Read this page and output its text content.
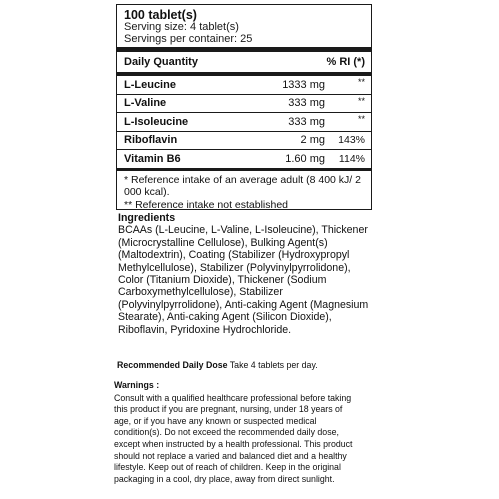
100 tablet(s)
Serving size: 4 tablet(s)
Servings per container: 25
Daily Quantity	% RI (*)
L-Leucine	1333 mg	**
L-Valine	333 mg	**
L-Isoleucine	333 mg	**
Riboflavin	2 mg	143%
Vitamin B6	1.60 mg	114%
* Reference intake of an average adult (8 400 kJ/ 2 000 kcal).
** Reference intake not established
Ingredients
BCAAs (L-Leucine, L-Valine, L-Isoleucine), Thickener
(Microcrystalline Cellulose), Bulking Agent(s)
(Maltodextrin), Coating (Stabilizer (Hydroxypropyl
Methylcellulose), Stabilizer (Polyvinylpyrrolidone),
Color (Titanium Dioxide), Thickener (Sodium
Carboxymethylcellulose), Stabilizer
(Polyvinylpyrrolidone), Anti-caking Agent (Magnesium
Stearate), Anti-caking Agent (Silicon Dioxide),
Riboflavin, Pyridoxine Hydrochloride.
Recommended Daily Dose Take 4 tablets per day.
Warnings :
Consult with a qualified healthcare professional before taking
this product if you are pregnant, nursing, under 18 years of
age, or if you have any known or suspected medical
condition(s). Do not exceed the recommended daily dose,
except when instructed by a health professional. This product
should not replace a varied and balanced diet and a healthy
lifestyle. Keep out of reach of children. Keep in the original
packaging in a cool, dry place, away from direct sunlight.
